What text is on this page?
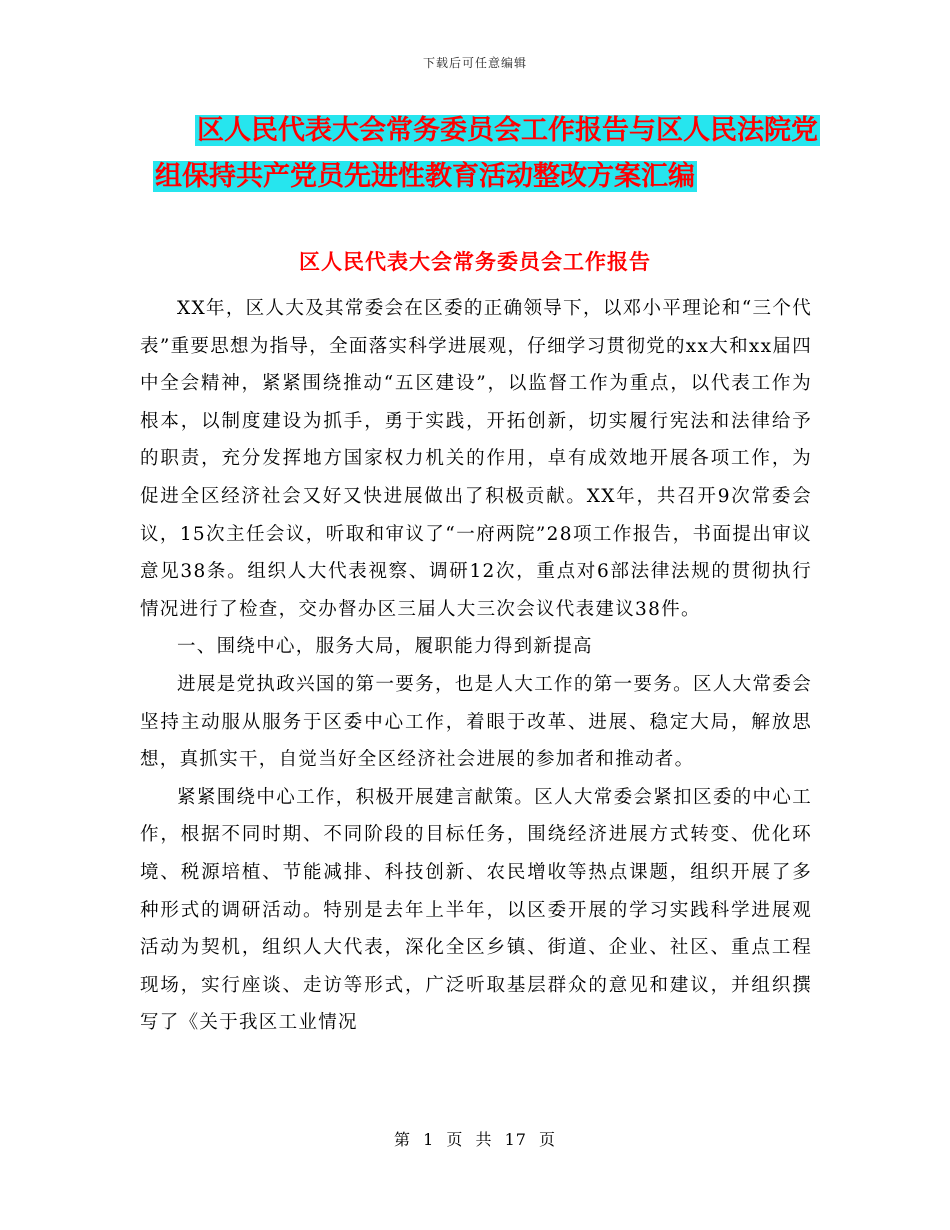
下载后可任意编辑
区人民代表大会常务委员会工作报告与区人民法院党
组保持共产党员先进性教育活动整改方案汇编
区人民代表大会常务委员会工作报告

XX年，区人大及其常委会在区委的正确领导下，以邓小平理论和“三个代表”重要思想为指导，全面落实科学进展观，仔细学习贯彻党的xx大和xx届四中全会精神，紧紧围绕推动“五区建设”，以监督工作为重点，以代表工作为根本，以制度建设为抓手，勇于实践，开拓创新，切实履行宪法和法律给予的职责，充分发挥地方国家权力机关的作用，卓有成效地开展各项工作，为促进全区经济社会又好又快进展做出了积极贡献。XX年，共召开9次常委会议，15次主任会议，听取和审议了“一府两院”28项工作报告，书面提出审议意见38条。组织人大代表视察、调研12次，重点对6部法律法规的贯彻执行情况进行了检查，交办督办区三届人大三次会议代表建议38件。

一、围绕中心，服务大局，履职能力得到新提高

进展是党执政兴国的第一要务，也是人大工作的第一要务。区人大常委会坚持主动服从服务于区委中心工作，着眼于改革、进展、稳定大局，解放思想，真抓实干，自觉当好全区经济社会进展的参加者和推动者。

紧紧围绕中心工作，积极开展建言献策。区人大常委会紧扣区委的中心工作，根据不同时期、不同阶段的目标任务，围绕经济进展方式转变、优化环境、税源培植、节能减排、科技创新、农民增收等热点课题，组织开展了多种形式的调研活动。特别是去年上半年，以区委开展的学习实践科学进展观活动为契机，组织人大代表，深化全区乡镇、街道、企业、社区、重点工程现场，实行座谈、走访等形式，广泛听取基层群众的意见和建议，并组织撰写了《关于我区工业情况

第 1 页 共 17 页
